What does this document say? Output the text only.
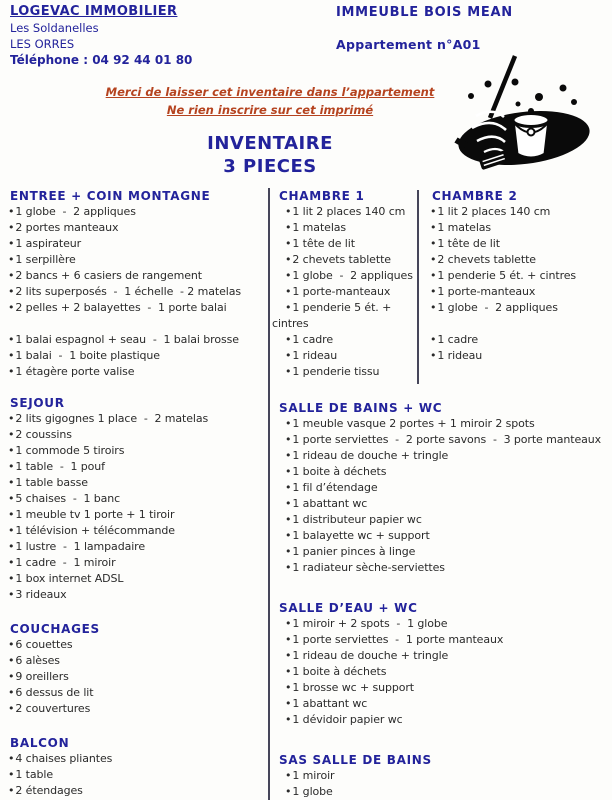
LOGEVAC IMMOBILIER
Les Soldanelles
LES ORRES
Téléphone : 04 92 44 01 80
IMMEUBLE BOIS MEAN
Appartement n°A01
Merci de laisser cet inventaire dans l’appartement
Ne rien inscrire sur cet imprimé
INVENTAIRE
3 PIECES
ENTREE + COIN MONTAGNE
•1 globe  -  2 appliques
•2 portes manteaux
•1 aspirateur
•1 serpillère
•2 bancs + 6 casiers de rangement
•2 lits superposés  -  1 échelle  - 2 matelas
•2 pelles + 2 balayettes  -  1 porte balai
•1 balai espagnol + seau  -  1 balai brosse
•1 balai  -  1 boite plastique
•1 étagère porte valise
SEJOUR
•2 lits gigognes 1 place  -  2 matelas
•2 coussins
•1 commode 5 tiroirs
•1 table  -  1 pouf
•1 table basse
•5 chaises  -  1 banc
•1 meuble tv 1 porte + 1 tiroir
•1 télévision + télécommande
•1 lustre  -  1 lampadaire
•1 cadre  -  1 miroir
•1 box internet ADSL
•3 rideaux
COUCHAGES
•6 couettes
•6 alèses
•9 oreillers
•6 dessus de lit
•2 couvertures
BALCON
•4 chaises pliantes
•1 table
•2 étendages
CHAMBRE 1
•1 lit 2 places 140 cm
•1 matelas
•1 tête de lit
•2 chevets tablette
•1 globe  -  2 appliques
•1 porte-manteaux
•1 penderie 5 ét. +
cintres
•1 cadre
•1 rideau
•1 penderie tissu
SALLE DE BAINS + WC
•1 meuble vasque 2 portes + 1 miroir 2 spots
•1 porte serviettes  -  2 porte savons  -  3 porte manteaux
•1 rideau de douche + tringle
•1 boite à déchets
•1 fil d’étendage
•1 abattant wc
•1 distributeur papier wc
•1 balayette wc + support
•1 panier pinces à linge
•1 radiateur sèche-serviettes
SALLE D’EAU + WC
•1 miroir + 2 spots  -  1 globe
•1 porte serviettes  -  1 porte manteaux
•1 rideau de douche + tringle
•1 boite à déchets
•1 brosse wc + support
•1 abattant wc
•1 dévidoir papier wc
SAS SALLE DE BAINS
•1 miroir
•1 globe
CHAMBRE 2
•1 lit 2 places 140 cm
•1 matelas
•1 tête de lit
•2 chevets tablette
•1 penderie 5 ét. + cintres
•1 porte-manteaux
•1 globe  -  2 appliques
•1 cadre
•1 rideau
